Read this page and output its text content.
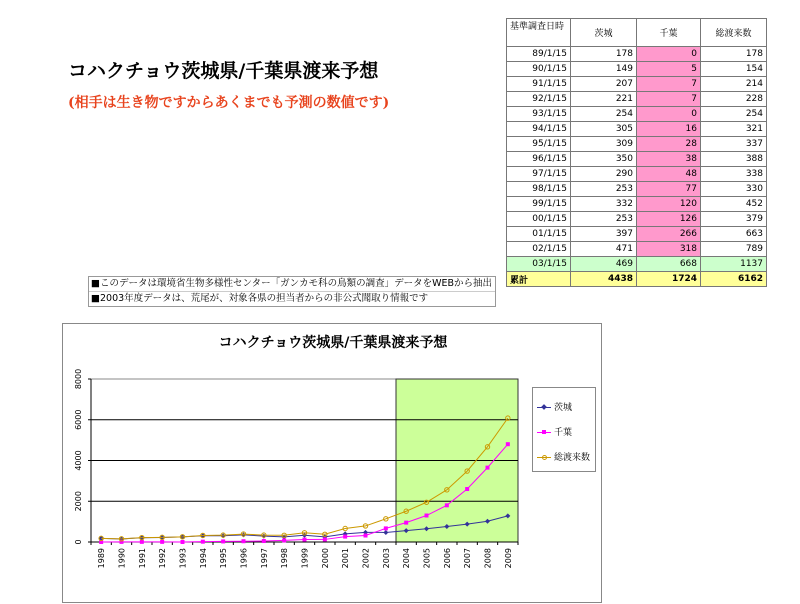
コハクチョウ茨城県/千葉県渡来予想
(相手は生き物ですからあくまでも予測の数値です)
■このデータは環境省生物多様性センター「ガンカモ科の鳥類の調査」データをWEBから抽出
■2003年度データは、荒尾が、対象各県の担当者からの非公式聞取り情報です
基準調査日時	茨城	千葉	総渡来数
89/1/15	178	0	178
90/1/15	149	5	154
91/1/15	207	7	214
92/1/15	221	7	228
93/1/15	254	0	254
94/1/15	305	16	321
95/1/15	309	28	337
96/1/15	350	38	388
97/1/15	290	48	338
98/1/15	253	77	330
99/1/15	332	120	452
00/1/15	253	126	379
01/1/15	397	266	663
02/1/15	471	318	789
03/1/15	469	668	1137
累計	4438	1724	6162
コハクチョウ茨城県/千葉県渡来予想
0
2000
4000
6000
8000
1989 1990 1991 1992 1993 1994 1995 1996 1997 1998 1999 2000 2001 2002 2003 2004 2005 2006 2007 2008 2009
茨城
千葉
総渡来数
